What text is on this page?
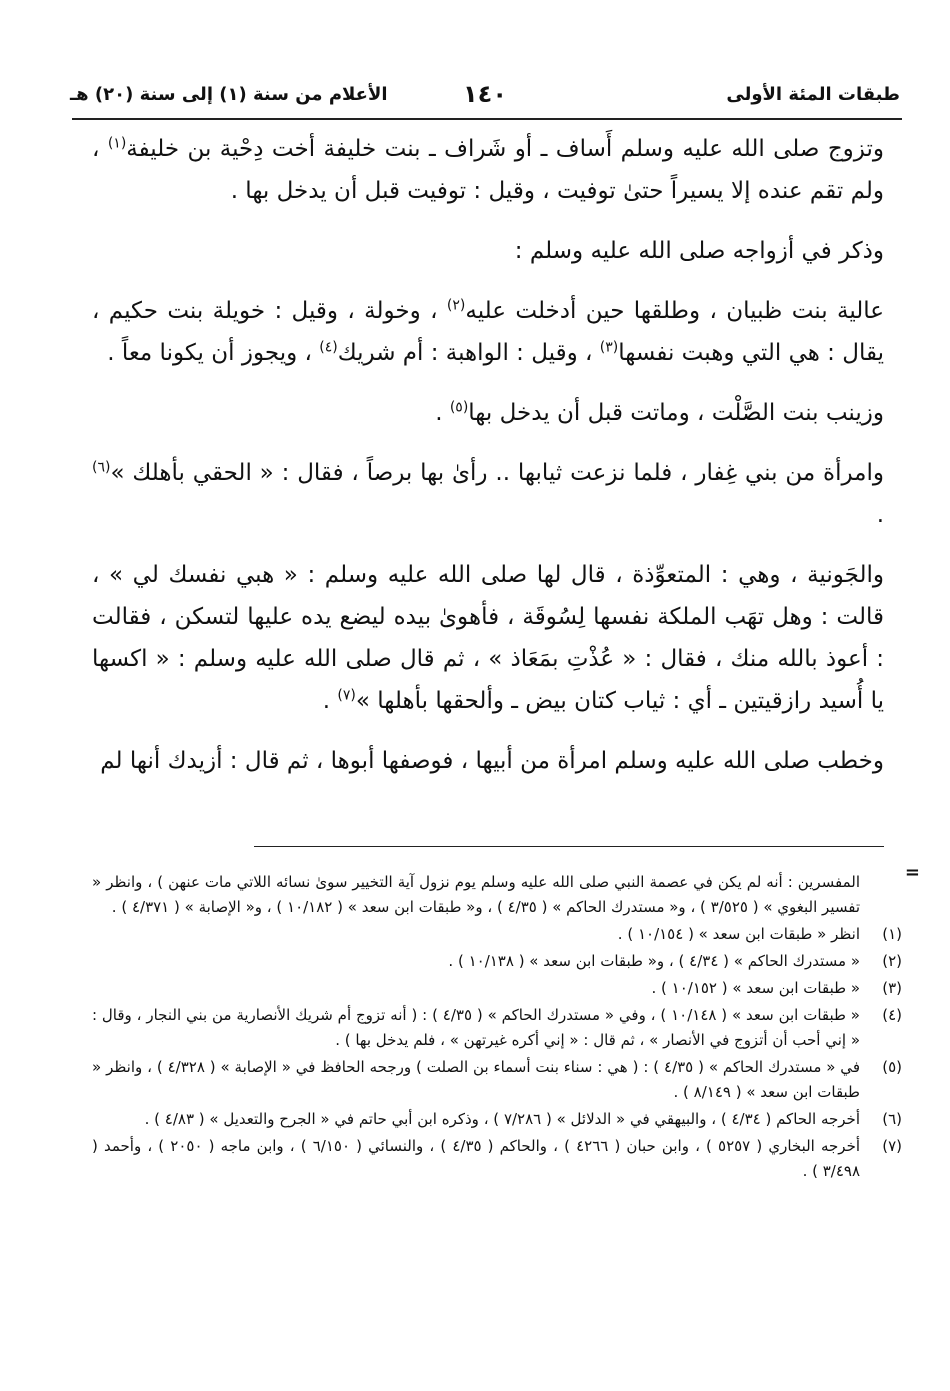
طبقات المئة الأولى
١٤٠
الأعلام من سنة (١) إلى سنة (٢٠) هـ

وتزوج صلى الله عليه وسلم أَساف ـ أو شَراف ـ بنت خليفة أخت دِحْية بن خليفة$^{(١)}$ ، ولم تقم عنده إلا يسيراً حتىٰ توفيت ، وقيل : توفيت قبل أن يدخل بها .

وذكر في أزواجه صلى الله عليه وسلم :

عالية بنت ظبيان ، وطلقها حين أدخلت عليه$^{(٢)}$ ، وخولة ، وقيل : خويلة بنت حكيم ، يقال : هي التي وهبت نفسها$^{(٣)}$ ، وقيل : الواهبة : أم شريك$^{(٤)}$ ، ويجوز أن يكونا معاً .

وزينب بنت الصَّلْت ، وماتت قبل أن يدخل بها$^{(٥)}$ .

وامرأة من بني غِفار ، فلما نزعت ثيابها .. رأىٰ بها برصاً ، فقال : « الحقي بأهلك »$^{(٦)}$ .

والجَونية ، وهي : المتعوِّذة ، قال لها صلى الله عليه وسلم : « هبي نفسك لي » ، قالت : وهل تهَب الملكة نفسها لِسُوقَة ، فأهوىٰ بيده ليضع يده عليها لتسكن ، فقالت : أعوذ بالله منك ، فقال : « عُذْتِ بمَعَاذ » ، ثم قال صلى الله عليه وسلم : « اكسها يا أُسيد رازقيتين ـ أي : ثياب كتان بيض ـ وألحقها بأهلها »$^{(٧)}$ .

وخطب صلى الله عليه وسلم امرأة من أبيها ، فوصفها أبوها ، ثم قال : أزيدك أنها لم

=
المفسرين : أنه لم يكن في عصمة النبي صلى الله عليه وسلم يوم نزول آية التخيير سوىٰ نسائه اللاتي مات عنهن ) ، وانظر « تفسير البغوي » ( ٣/٥٢٥ ) ، و« مستدرك الحاكم » ( ٤/٣٥ ) ، و« طبقات ابن سعد » ( ١٠/١٨٢ ) ، و« الإصابة » ( ٤/٣٧١ ) .
(١)
انظر « طبقات ابن سعد » ( ١٠/١٥٤ ) .
(٢)
« مستدرك الحاكم » ( ٤/٣٤ ) ، و« طبقات ابن سعد » ( ١٠/١٣٨ ) .
(٣)
« طبقات ابن سعد » ( ١٠/١٥٢ ) .
(٤)
« طبقات ابن سعد » ( ١٠/١٤٨ ) ، وفي « مستدرك الحاكم » ( ٤/٣٥ ) : ( أنه تزوج أم شريك الأنصارية من بني النجار ، وقال : « إني أحب أن أتزوج في الأنصار » ، ثم قال : « إني أكره غيرتهن » ، فلم يدخل بها ) .
(٥)
في « مستدرك الحاكم » ( ٤/٣٥ ) : ( هي : سناء بنت أسماء بن الصلت ) ورجحه الحافظ في « الإصابة » ( ٤/٣٢٨ ) ، وانظر « طبقات ابن سعد » ( ٨/١٤٩ ) .
(٦)
أخرجه الحاكم ( ٤/٣٤ ) ، والبيهقي في « الدلائل » ( ٧/٢٨٦ ) ، وذكره ابن أبي حاتم في « الجرح والتعديل » ( ٤/٨٣ ) .
(٧)
أخرجه البخاري ( ٥٢٥٧ ) ، وابن حبان ( ٤٢٦٦ ) ، والحاكم ( ٤/٣٥ ) ، والنسائي ( ٦/١٥٠ ) ، وابن ماجه ( ٢٠٥٠ ) ، وأحمد ( ٣/٤٩٨ ) .
